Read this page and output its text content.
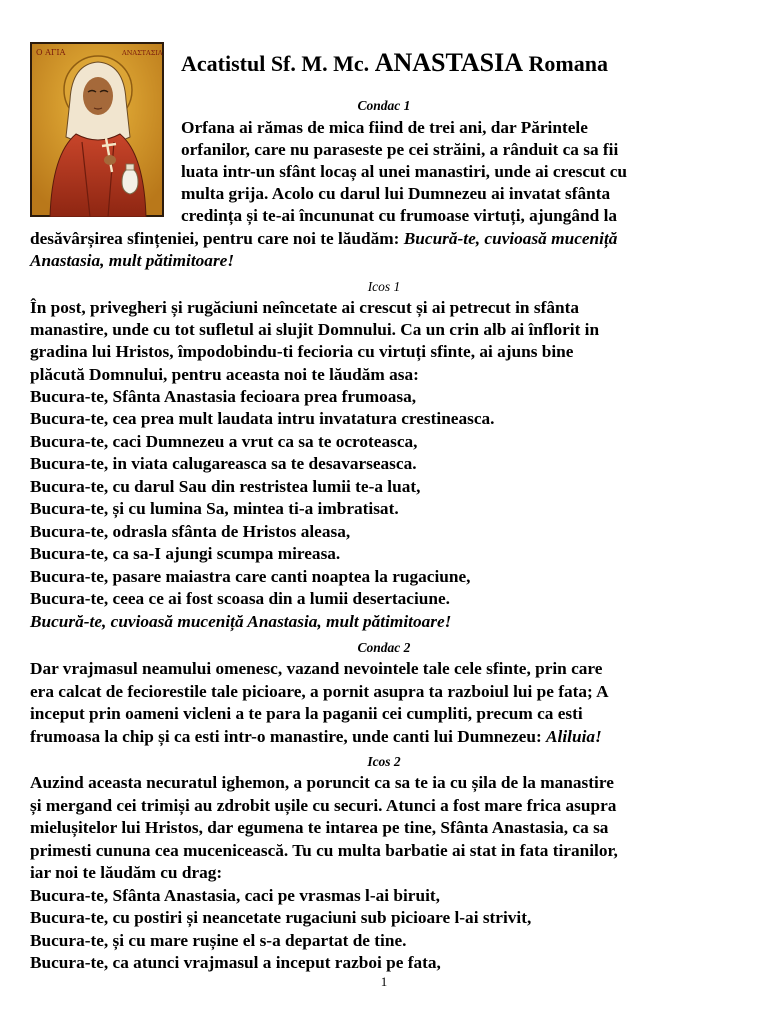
O ΑΓΙΑ	ΑΝΑΣΤΑΣΙΑ Acatistul Sf. M. Mc. ANASTASIA Romana
Condac 1
Orfana ai rămas de mica fiind de trei ani, dar Părintele
orfanilor, care nu paraseste pe cei străini, a rânduit ca sa fii
luata intr-un sfânt locaș al unei manastiri, unde ai crescut cu
multa grija. Acolo cu darul lui Dumnezeu ai invatat sfânta
credința și te-ai încununat cu frumoase virtuți, ajungând la
desăvârșirea sfințeniei, pentru care noi te lăudăm: Bucură-te, cuvioasă muceniță
Anastasia, mult pătimitoare!
Icos 1
În post, privegheri și rugăciuni neîncetate ai crescut și ai petrecut in sfânta
manastire, unde cu tot sufletul ai slujit Domnului. Ca un crin alb ai înflorit in
gradina lui Hristos, împodobindu-ti fecioria cu virtuți sfinte, ai ajuns bine
plăcută Domnului, pentru aceasta noi te lăudăm asa:
Bucura-te, Sfânta Anastasia fecioara prea frumoasa,
Bucura-te, cea prea mult laudata intru invatatura crestineasca.
Bucura-te, caci Dumnezeu a vrut ca sa te ocroteasca,
Bucura-te, in viata calugareasca sa te desavarseasca.
Bucura-te, cu darul Sau din restristea lumii te-a luat,
Bucura-te, și cu lumina Sa, mintea ti-a imbratisat.
Bucura-te, odrasla sfânta de Hristos aleasa,
Bucura-te, ca sa-I ajungi scumpa mireasa.
Bucura-te, pasare maiastra care canti noaptea la rugaciune,
Bucura-te, ceea ce ai fost scoasa din a lumii desertaciune.
Bucură-te, cuvioasă muceniță Anastasia, mult pătimitoare!
Condac 2
Dar vrajmasul neamului omenesc, vazand nevointele tale cele sfinte, prin care
era calcat de feciorestile tale picioare, a pornit asupra ta razboiul lui pe fata; A
inceput prin oameni vicleni a te para la paganii cei cumpliti, precum ca esti
frumoasa la chip și ca esti intr-o manastire, unde canti lui Dumnezeu: Aliluia!
Icos 2
Auzind aceasta necuratul ighemon, a poruncit ca sa te ia cu șila de la manastire
și mergand cei trimiși au zdrobit ușile cu securi. Atunci a fost mare frica asupra
mielușitelor lui Hristos, dar egumena te intarea pe tine, Sfânta Anastasia, ca sa
primesti cununa cea mucenicească. Tu cu multa barbatie ai stat in fata tiranilor,
iar noi te lăudăm cu drag:
Bucura-te, Sfânta Anastasia, caci pe vrasmas l-ai biruit,
Bucura-te, cu postiri și neancetate rugaciuni sub picioare l-ai strivit,
Bucura-te, și cu mare rușine el s-a departat de tine.
Bucura-te, ca atunci vrajmasul a inceput razboi pe fata,
1
